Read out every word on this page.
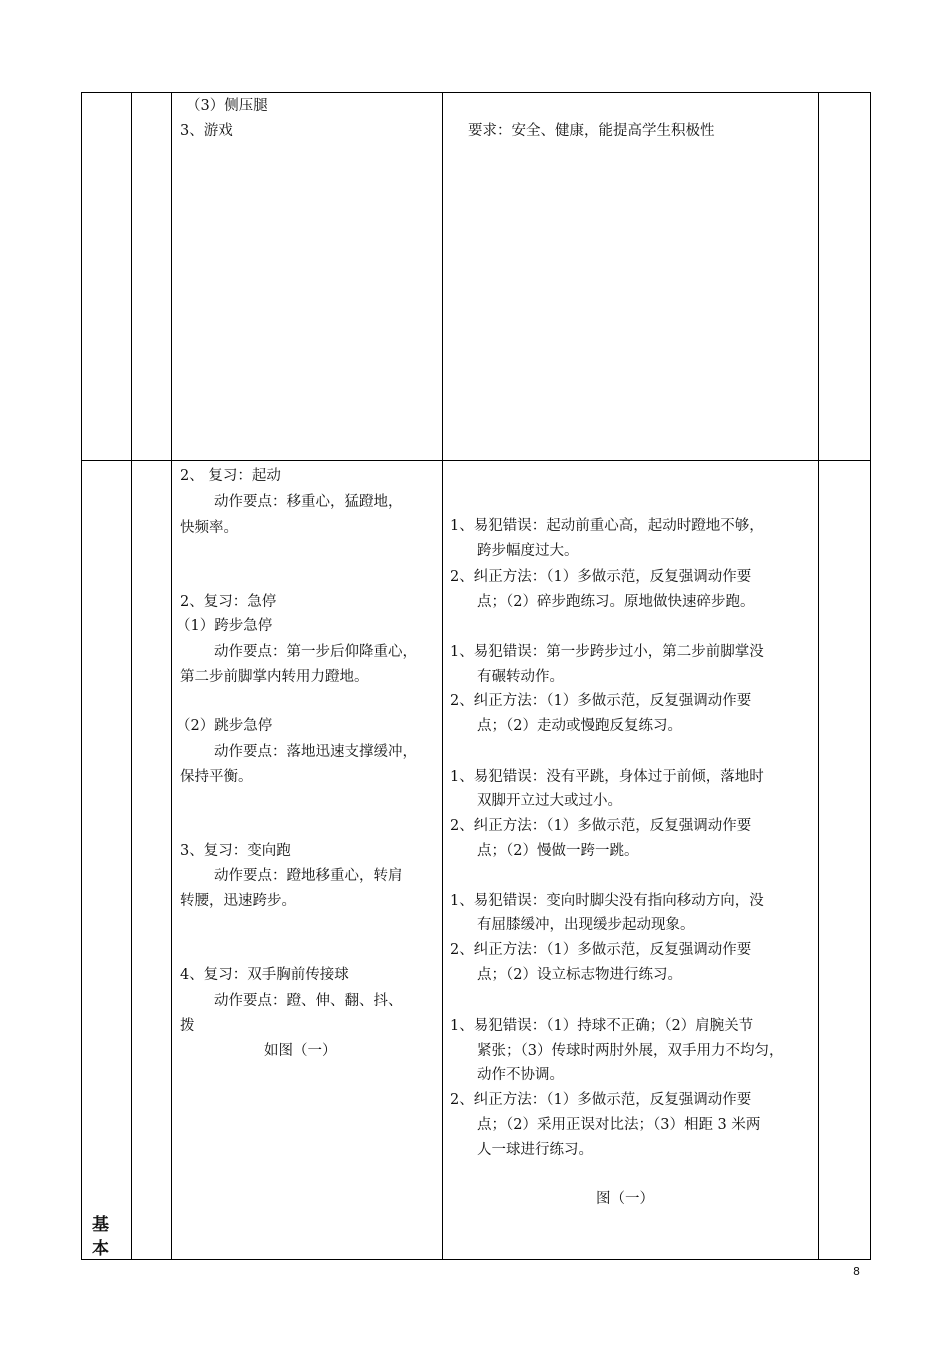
基
本
（3）侧压腿
3、游戏	要求：安全、健康，能提高学生积极性
2、 复习：起动
动作要点：移重心，猛蹬地，
快频率。
2、复习：急停
（1）跨步急停
动作要点：第一步后仰降重心，
第二步前脚掌内转用力蹬地。
（2）跳步急停
动作要点：落地迅速支撑缓冲，
保持平衡。
3、复习：变向跑
动作要点：蹬地移重心，转肩
转腰，迅速跨步。
4、复习：双手胸前传接球
动作要点：蹬、伸、翻、抖、
拨
如图（一）
1、易犯错误：起动前重心高，起动时蹬地不够，
跨步幅度过大。
2、纠正方法：（1）多做示范，反复强调动作要
点；（2）碎步跑练习。原地做快速碎步跑。
1、易犯错误：第一步跨步过小，第二步前脚掌没
有碾转动作。
2、纠正方法：（1）多做示范，反复强调动作要
点；（2）走动或慢跑反复练习。
1、易犯错误：没有平跳，身体过于前倾，落地时
双脚开立过大或过小。
2、纠正方法：（1）多做示范，反复强调动作要
点；（2）慢做一跨一跳。
1、易犯错误：变向时脚尖没有指向移动方向，没
有屈膝缓冲，出现缓步起动现象。
2、纠正方法：（1）多做示范，反复强调动作要
点；（2）设立标志物进行练习。
1、易犯错误：（1）持球不正确；（2）肩腕关节
紧张；（3）传球时两肘外展，双手用力不均匀，
动作不协调。
2、纠正方法：（1）多做示范，反复强调动作要
点；（2）采用正误对比法；（3）相距 3 米两
人一球进行练习。
图（一）
8
